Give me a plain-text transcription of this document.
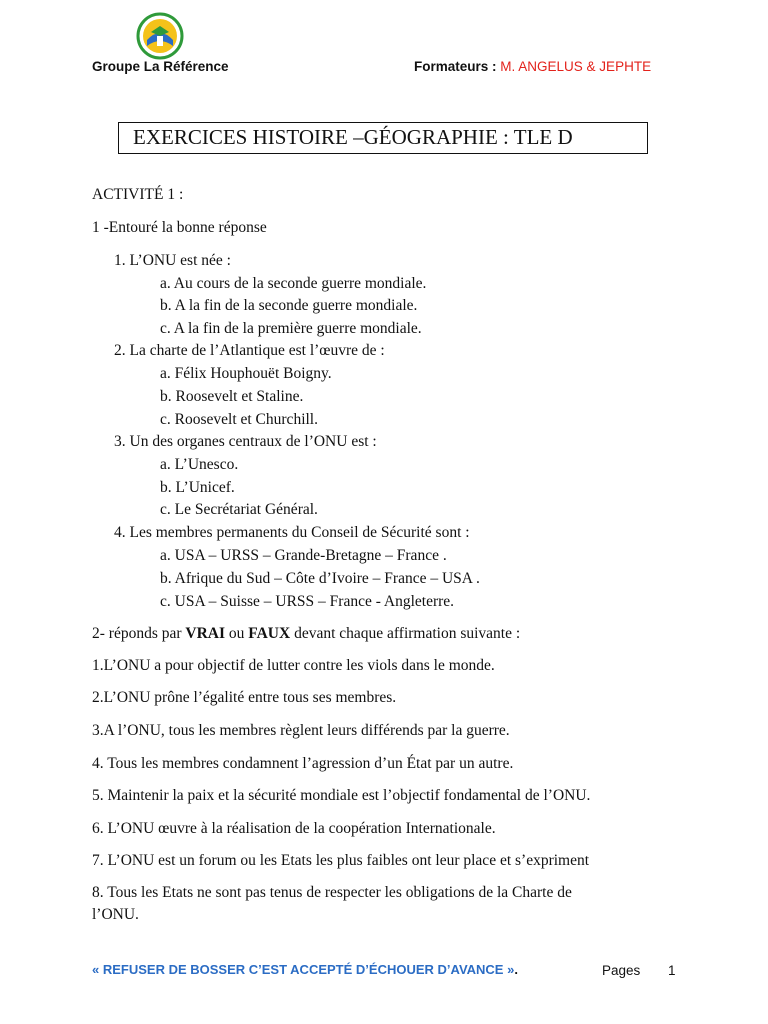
Groupe La Référence	Formateurs : M. ANGELUS & JEPHTE
EXERCICES HISTOIRE –GÉOGRAPHIE : TLE D
ACTIVITÉ 1 :
1 -Entouré la bonne réponse
1. L’ONU est née :
a. Au cours de la seconde guerre mondiale.
b. A la fin de la seconde guerre mondiale.
c. A la fin de la première guerre mondiale.
2. La charte de l’Atlantique est l’œuvre de :
a. Félix Houphouët Boigny.
b. Roosevelt et Staline.
c. Roosevelt et Churchill.
3. Un des organes centraux de l’ONU est :
a. L’Unesco.
b. L’Unicef.
c. Le Secrétariat Général.
4. Les membres permanents du Conseil de Sécurité sont :
a. USA – URSS – Grande-Bretagne – France .
b. Afrique du Sud – Côte d’Ivoire – France – USA .
c. USA – Suisse – URSS – France - Angleterre.
2- réponds par VRAI ou FAUX devant chaque affirmation suivante :
1.L’ONU a pour objectif de lutter contre les viols dans le monde.
2.L’ONU prône l’égalité entre tous ses membres.
3.A l’ONU, tous les membres règlent leurs différends par la guerre.
4. Tous les membres condamnent l’agression d’un État par un autre.
5. Maintenir la paix et la sécurité mondiale est l’objectif fondamental de l’ONU.
6. L’ONU œuvre à la réalisation de la coopération Internationale.
7. L’ONU est un forum ou les Etats les plus faibles ont leur place et s’expriment
8. Tous les Etats ne sont pas tenus de respecter les obligations de la Charte de
l’ONU.
« REFUSER DE BOSSER C’EST ACCEPTÉ D’ÉCHOUER D’AVANCE ».	Pages 1
